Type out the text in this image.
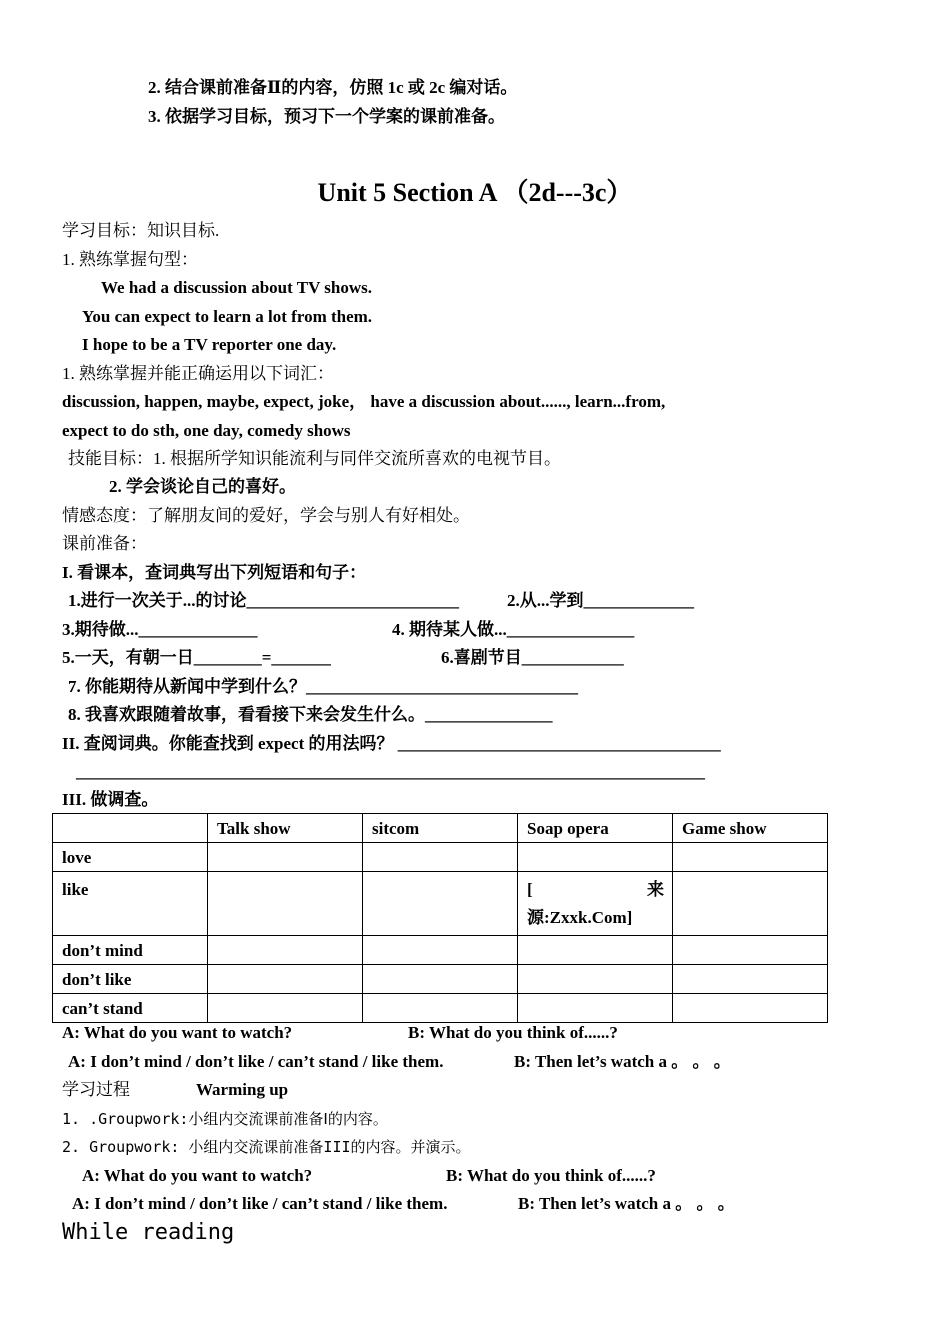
2. 结合课前准备Ⅱ的内容，仿照 1c 或 2c 编对话。
3. 依据学习目标，预习下一个学案的课前准备。
Unit 5 Section A （2d---3c）
学习目标：知识目标.
1. 熟练掌握句型：
We had a discussion about TV shows.
You can expect to learn a lot from them.
I hope to be a TV reporter one day.
1. 熟练掌握并能正确运用以下词汇：
discussion, happen, maybe, expect, joke， have a discussion about......, learn...from,
expect to do sth, one day, comedy shows
技能目标：1. 根据所学知识能流利与同伴交流所喜欢的电视节目。
2. 学会谈论自己的喜好。
情感态度：了解朋友间的爱好，学会与别人有好相处。
课前准备：
I. 看课本，查词典写出下列短语和句子：
1.进行一次关于...的讨论_________________________	2.从...学到_____________
3.期待做...______________	4. 期待某人做..._______________
5.一天，有朝一日________=_______	6.喜剧节目____________
7. 你能期待从新闻中学到什么？________________________________
8. 我喜欢跟随着故事，看看接下来会发生什么。_______________
II. 查阅词典。你能查找到 expect 的用法吗？ ______________________________________
__________________________________________________________________________
III. 做调查。
	Talk show	sitcom	Soap opera	Game show
love				
like			[ 来
源:Zxxk.Com]	

don’t mind				
don’t like				
can’t stand				
A: What do you want to watch?	B: What do you think of......?
A: I don’t mind / don’t like / can’t stand / like them.	B: Then let’s watch a 。 。 。
学习过程	Warming up
1. .Groupwork:小组内交流课前准备Ⅰ的内容。
2. Groupwork: 小组内交流课前准备III的内容。并演示。
A: What do you want to watch?	B: What do you think of......?
A: I don’t mind / don’t like / can’t stand / like them.	B: Then let’s watch a 。 。 。
While reading
